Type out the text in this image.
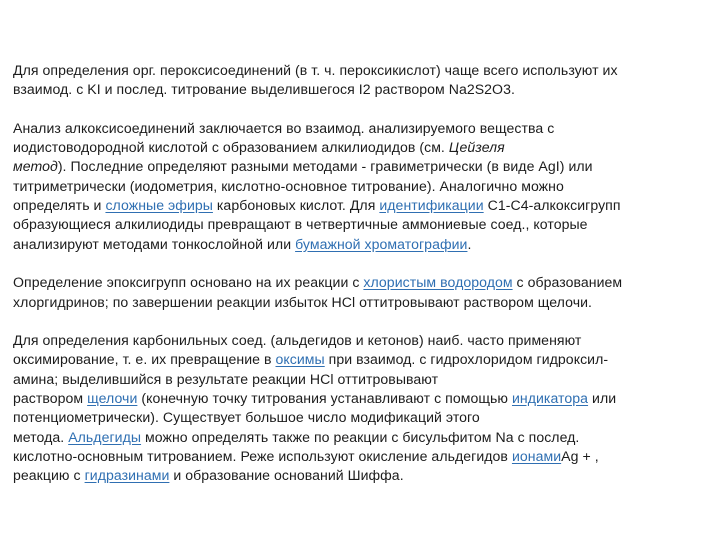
Для определения орг. пероксисоединений (в т. ч. пероксикислот) чаще всего используют их
взаимод. с KI и послед. титрование выделившегося I2 раствором Na2S2O3.
Анализ алкоксисоединений заключается во взаимод. анализируемого вещества с
иодистоводородной кислотой с образованием алкилиодидов (см. Цейзеля
метод). Последние определяют разными методами - гравиметрически (в виде AgI) или
титриметрически (иодометрия, кислотно-основное титрование). Аналогично можно
определять и сложные эфиры карбоновых кислот. Для идентификации С1-С4-алкоксигрупп
образующиеся алкилиодиды превращают в четвертичные аммониевые соед., которые
анализируют методами тонкослойной или бумажной хроматографии.
Определение эпоксигрупп основано на их реакции с хлористым водородом с образованием
хлоргидринов; по завершении реакции избыток HCl оттитровывают раствором щелочи.
Для определения карбонильных соед. (альдегидов и кетонов) наиб. часто применяют
оксимирование, т. е. их превращение в оксимы при взаимод. с гидрохлоридом гидроксил-
амина; выделившийся в результате реакции HCl оттитровывают
раствором щелочи (конечную точку титрования устанавливают с помощью индикатора или
потенциометрически). Существует большое число модификаций этого
метода. Альдегиды можно определять также по реакции с бисульфитом Na с послед.
кислотно-основным титрованием. Реже используют окисление альдегидов ионамиAg + ,
реакцию с гидразинами и образование оснований Шиффа.
